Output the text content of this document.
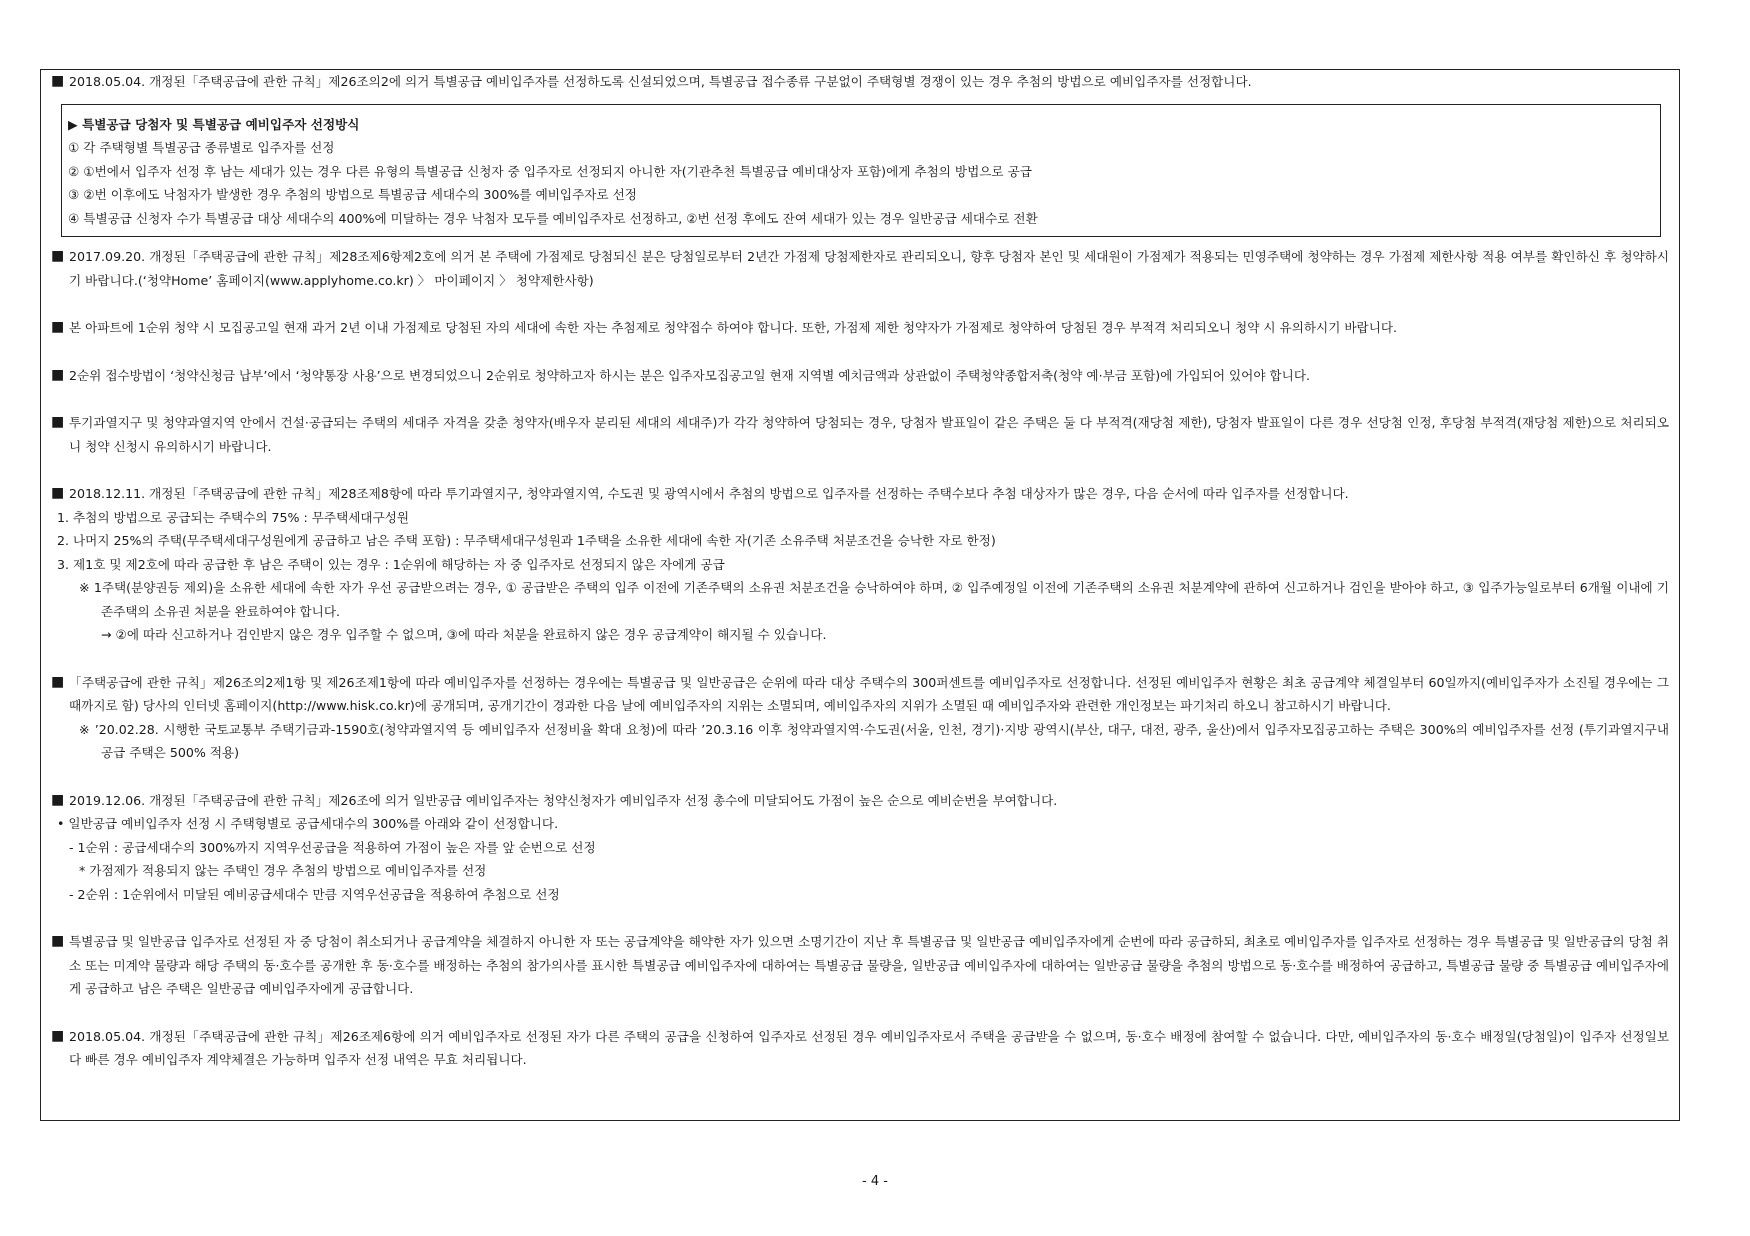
■ 2018.05.04. 개정된「주택공급에 관한 규칙」제26조의2에 의거 특별공급 예비입주자를 선정하도록 신설되었으며, 특별공급 접수종류 구분없이 주택형별 경쟁이 있는 경우 추첨의 방법으로 예비입주자를 선정합니다.
▶ 특별공급 당첨자 및 특별공급 예비입주자 선정방식
① 각 주택형별 특별공급 종류별로 입주자를 선정
② ①번에서 입주자 선정 후 남는 세대가 있는 경우 다른 유형의 특별공급 신청자 중 입주자로 선정되지 아니한 자(기관추천 특별공급 예비대상자 포함)에게 추첨의 방법으로 공급
③ ②번 이후에도 낙첨자가 발생한 경우 추첨의 방법으로 특별공급 세대수의 300%를 예비입주자로 선정
④ 특별공급 신청자 수가 특별공급 대상 세대수의 400%에 미달하는 경우 낙첨자 모두를 예비입주자로 선정하고, ②번 선정 후에도 잔여 세대가 있는 경우 일반공급 세대수로 전환
■ 2017.09.20. 개정된「주택공급에 관한 규칙」제28조제6항제2호에 의거 본 주택에 가점제로 당첨되신 분은 당첨일로부터 2년간 가점제 당첨제한자로 관리되오니, 향후 당첨자 본인 및 세대원이 가점제가 적용되는 민영주택에 청약하는 경우 가점제 제한사항 적용 여부를 확인하신 후 청약하시기 바랍니다.(‘청약Home’ 홈페이지(www.applyhome.co.kr) 〉 마이페이지 〉 청약제한사항)
■ 본 아파트에 1순위 청약 시 모집공고일 현재 과거 2년 이내 가점제로 당첨된 자의 세대에 속한 자는 추첨제로 청약접수 하여야 합니다. 또한, 가점제 제한 청약자가 가점제로 청약하여 당첨된 경우 부적격 처리되오니 청약 시 유의하시기 바랍니다.
■ 2순위 접수방법이 ‘청약신청금 납부’에서 ‘청약통장 사용’으로 변경되었으니 2순위로 청약하고자 하시는 분은 입주자모집공고일 현재 지역별 예치금액과 상관없이 주택청약종합저축(청약 예·부금 포함)에 가입되어 있어야 합니다.
■ 투기과열지구 및 청약과열지역 안에서 건설·공급되는 주택의 세대주 자격을 갖춘 청약자(배우자 분리된 세대의 세대주)가 각각 청약하여 당첨되는 경우, 당첨자 발표일이 같은 주택은 둘 다 부적격(재당첨 제한), 당첨자 발표일이 다른 경우 선당첨 인정, 후당첨 부적격(재당첨 제한)으로 처리되오니 청약 신청시 유의하시기 바랍니다.
■ 2018.12.11. 개정된「주택공급에 관한 규칙」제28조제8항에 따라 투기과열지구, 청약과열지역, 수도권 및 광역시에서 추첨의 방법으로 입주자를 선정하는 주택수보다 추첨 대상자가 많은 경우, 다음 순서에 따라 입주자를 선정합니다.
1. 추첨의 방법으로 공급되는 주택수의 75% : 무주택세대구성원
2. 나머지 25%의 주택(무주택세대구성원에게 공급하고 남은 주택 포함) : 무주택세대구성원과 1주택을 소유한 세대에 속한 자(기존 소유주택 처분조건을 승낙한 자로 한정)
3. 제1호 및 제2호에 따라 공급한 후 남은 주택이 있는 경우 : 1순위에 해당하는 자 중 입주자로 선정되지 않은 자에게 공급
※ 1주택(분양권등 제외)을 소유한 세대에 속한 자가 우선 공급받으려는 경우, ① 공급받은 주택의 입주 이전에 기존주택의 소유권 처분조건을 승낙하여야 하며, ② 입주예정일 이전에 기존주택의 소유권 처분계약에 관하여 신고하거나 검인을 받아야 하고, ③ 입주가능일로부터 6개월 이내에 기존주택의 소유권 처분을 완료하여야 합니다.
→ ②에 따라 신고하거나 검인받지 않은 경우 입주할 수 없으며, ③에 따라 처분을 완료하지 않은 경우 공급계약이 해지될 수 있습니다.
■ 「주택공급에 관한 규칙」제26조의2제1항 및 제26조제1항에 따라 예비입주자를 선정하는 경우에는 특별공급 및 일반공급은 순위에 따라 대상 주택수의 300퍼센트를 예비입주자로 선정합니다. 선정된 예비입주자 현황은 최초 공급계약 체결일부터 60일까지(예비입주자가 소진될 경우에는 그 때까지로 함) 당사의 인터넷 홈페이지(http://www.hisk.co.kr)에 공개되며, 공개기간이 경과한 다음 날에 예비입주자의 지위는 소멸되며, 예비입주자의 지위가 소멸된 때 예비입주자와 관련한 개인정보는 파기처리 하오니 참고하시기 바랍니다.
※ ’20.02.28. 시행한 국토교통부 주택기금과-1590호(청약과열지역 등 예비입주자 선정비율 확대 요청)에 따라 ’20.3.16 이후 청약과열지역·수도권(서울, 인천, 경기)·지방 광역시(부산, 대구, 대전, 광주, 울산)에서 입주자모집공고하는 주택은 300%의 예비입주자를 선정 (투기과열지구내 공급 주택은 500% 적용)
■ 2019.12.06. 개정된「주택공급에 관한 규칙」제26조에 의거 일반공급 예비입주자는 청약신청자가 예비입주자 선정 총수에 미달되어도 가점이 높은 순으로 예비순번을 부여합니다.
• 일반공급 예비입주자 선정 시 주택형별로 공급세대수의 300%를 아래와 같이 선정합니다.
- 1순위 : 공급세대수의 300%까지 지역우선공급을 적용하여 가점이 높은 자를 앞 순번으로 선정
* 가점제가 적용되지 않는 주택인 경우 추첨의 방법으로 예비입주자를 선정
- 2순위 : 1순위에서 미달된 예비공급세대수 만큼 지역우선공급을 적용하여 추첨으로 선정
■ 특별공급 및 일반공급 입주자로 선정된 자 중 당첨이 취소되거나 공급계약을 체결하지 아니한 자 또는 공급계약을 해약한 자가 있으면 소명기간이 지난 후 특별공급 및 일반공급 예비입주자에게 순번에 따라 공급하되, 최초로 예비입주자를 입주자로 선정하는 경우 특별공급 및 일반공급의 당첨 취소 또는 미계약 물량과 해당 주택의 동·호수를 공개한 후 동·호수를 배정하는 추첨의 참가의사를 표시한 특별공급 예비입주자에 대하여는 특별공급 물량을, 일반공급 예비입주자에 대하여는 일반공급 물량을 추첨의 방법으로 동·호수를 배정하여 공급하고, 특별공급 물량 중 특별공급 예비입주자에게 공급하고 남은 주택은 일반공급 예비입주자에게 공급합니다.
■ 2018.05.04. 개정된「주택공급에 관한 규칙」제26조제6항에 의거 예비입주자로 선정된 자가 다른 주택의 공급을 신청하여 입주자로 선정된 경우 예비입주자로서 주택을 공급받을 수 없으며, 동·호수 배정에 참여할 수 없습니다. 다만, 예비입주자의 동·호수 배정일(당첨일)이 입주자 선정일보다 빠른 경우 예비입주자 계약체결은 가능하며 입주자 선정 내역은 무효 처리됩니다.
- 4 -
